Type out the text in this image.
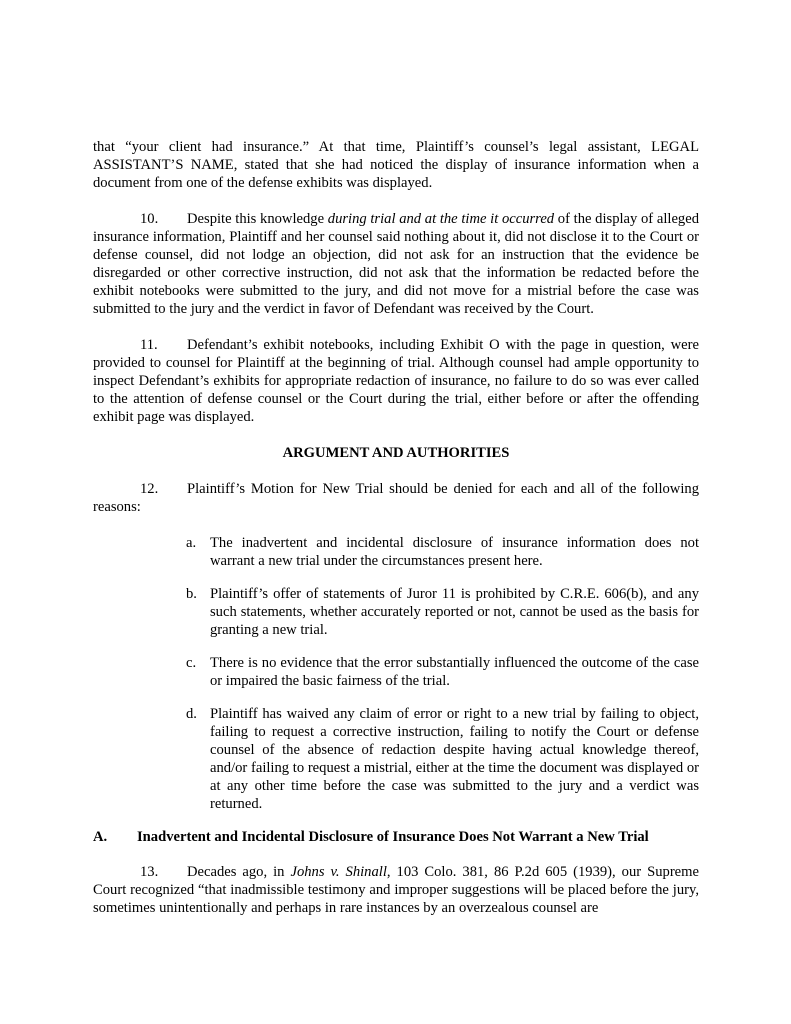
that “your client had insurance.” At that time, Plaintiff’s counsel’s legal assistant, LEGAL ASSISTANT’S NAME, stated that she had noticed the display of insurance information when a document from one of the defense exhibits was displayed.

10. Despite this knowledge during trial and at the time it occurred of the display of alleged insurance information, Plaintiff and her counsel said nothing about it, did not disclose it to the Court or defense counsel, did not lodge an objection, did not ask for an instruction that the evidence be disregarded or other corrective instruction, did not ask that the information be redacted before the exhibit notebooks were submitted to the jury, and did not move for a mistrial before the case was submitted to the jury and the verdict in favor of Defendant was received by the Court.

11. Defendant’s exhibit notebooks, including Exhibit O with the page in question, were provided to counsel for Plaintiff at the beginning of trial. Although counsel had ample opportunity to inspect Defendant’s exhibits for appropriate redaction of insurance, no failure to do so was ever called to the attention of defense counsel or the Court during the trial, either before or after the offending exhibit page was displayed.

ARGUMENT AND AUTHORITIES

12. Plaintiff’s Motion for New Trial should be denied for each and all of the following reasons:

a. The inadvertent and incidental disclosure of insurance information does not warrant a new trial under the circumstances present here.
b. Plaintiff’s offer of statements of Juror 11 is prohibited by C.R.E. 606(b), and any such statements, whether accurately reported or not, cannot be used as the basis for granting a new trial.
c. There is no evidence that the error substantially influenced the outcome of the case or impaired the basic fairness of the trial.
d. Plaintiff has waived any claim of error or right to a new trial by failing to object, failing to request a corrective instruction, failing to notify the Court or defense counsel of the absence of redaction despite having actual knowledge thereof, and/or failing to request a mistrial, either at the time the document was displayed or at any other time before the case was submitted to the jury and a verdict was returned.

A. Inadvertent and Incidental Disclosure of Insurance Does Not Warrant a New Trial

13. Decades ago, in Johns v. Shinall, 103 Colo. 381, 86 P.2d 605 (1939), our Supreme Court recognized “that inadmissible testimony and improper suggestions will be placed before the jury, sometimes unintentionally and perhaps in rare instances by an overzealous counsel are
